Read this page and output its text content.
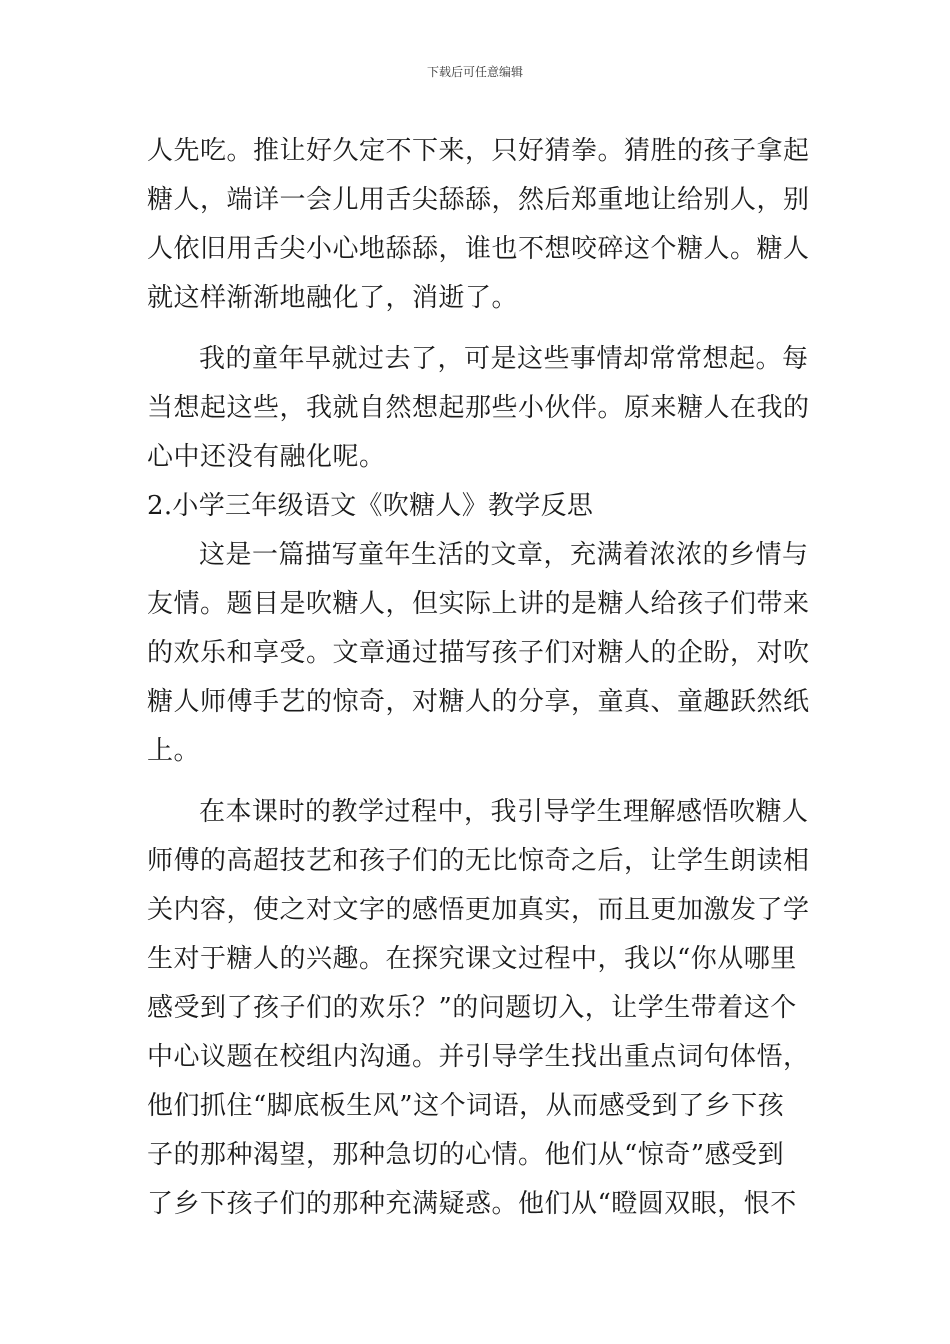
下载后可任意编辑
人先吃。推让好久定不下来，只好猜拳。猜胜的孩子拿起
糖人，端详一会儿用舌尖舔舔，然后郑重地让给别人，别
人依旧用舌尖小心地舔舔，谁也不想咬碎这个糖人。糖人
就这样渐渐地融化了，消逝了。
我的童年早就过去了，可是这些事情却常常想起。每
当想起这些，我就自然想起那些小伙伴。原来糖人在我的
心中还没有融化呢。
2.小学三年级语文《吹糖人》教学反思
这是一篇描写童年生活的文章，充满着浓浓的乡情与
友情。题目是吹糖人，但实际上讲的是糖人给孩子们带来
的欢乐和享受。文章通过描写孩子们对糖人的企盼，对吹
糖人师傅手艺的惊奇，对糖人的分享，童真、童趣跃然纸
上。
在本课时的教学过程中，我引导学生理解感悟吹糖人
师傅的高超技艺和孩子们的无比惊奇之后，让学生朗读相
关内容，使之对文字的感悟更加真实，而且更加激发了学
生对于糖人的兴趣。在探究课文过程中，我以“你从哪里
感受到了孩子们的欢乐？”的问题切入，让学生带着这个
中心议题在校组内沟通。并引导学生找出重点词句体悟，
他们抓住“脚底板生风”这个词语，从而感受到了乡下孩
子的那种渴望，那种急切的心情。他们从“惊奇”感受到
了乡下孩子们的那种充满疑惑。他们从“瞪圆双眼，恨不
